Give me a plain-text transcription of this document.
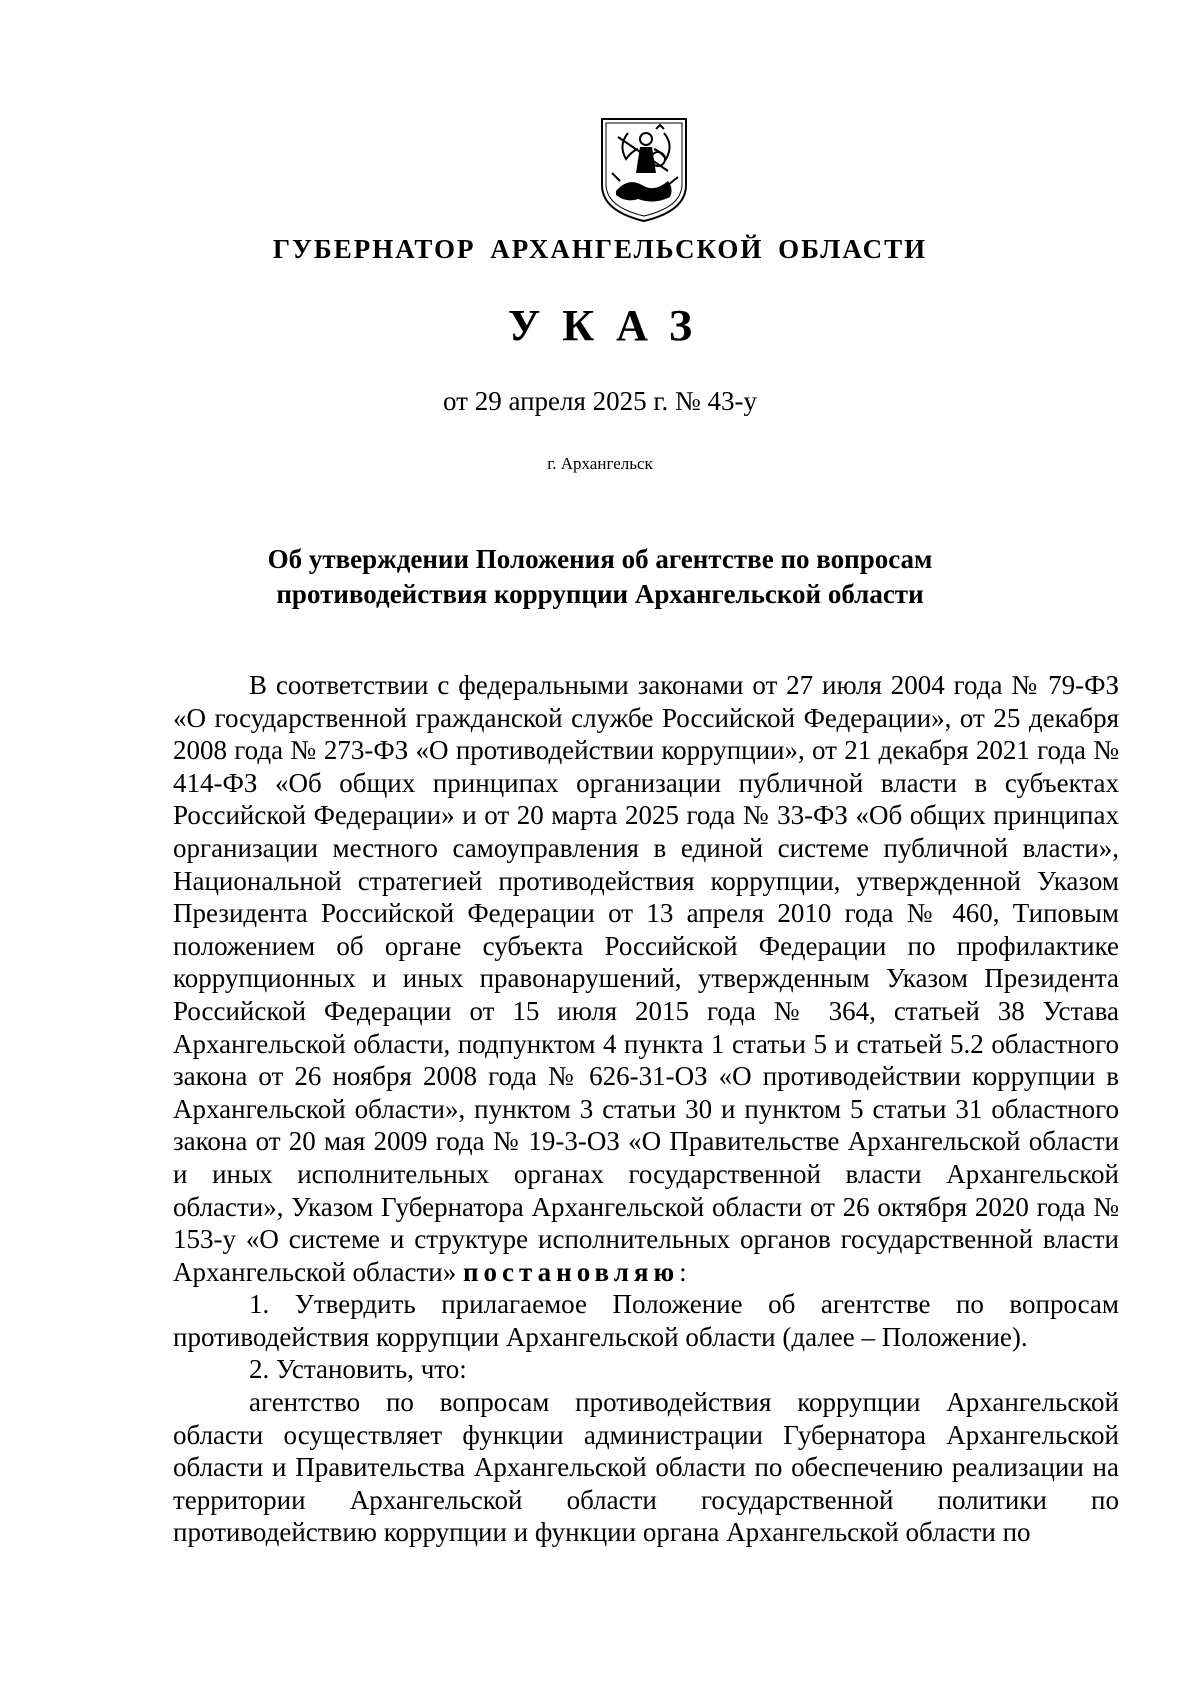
ГУБЕРНАТОР АРХАНГЕЛЬСКОЙ ОБЛАСТИ
УКАЗ
от 29 апреля 2025 г. № 43-у
г. Архангельск
Об утверждении Положения об агентстве по вопросам
противодействия коррупции Архангельской области

В соответствии с федеральными законами от 27 июля 2004 года № 79-ФЗ «О государственной гражданской службе Российской Федерации», от 25 декабря 2008 года № 273-ФЗ «О противодействии коррупции», от 21 декабря 2021 года № 414-ФЗ «Об общих принципах организации публичной власти в субъектах Российской Федерации» и от 20 марта 2025 года № 33-ФЗ «Об общих принципах организации местного самоуправления в единой системе публичной власти», Национальной стратегией противодействия коррупции, утвержденной Указом Президента Российской Федерации от 13 апреля 2010 года № 460, Типовым положением об органе субъекта Российской Федерации по профилактике коррупционных и иных правонарушений, утвержденным Указом Президента Российской Федерации от 15 июля 2015 года № 364, статьей 38 Устава Архангельской области, подпунктом 4 пункта 1 статьи 5 и статьей 5.2 областного закона от 26 ноября 2008 года № 626-31-ОЗ «О противодействии коррупции в Архангельской области», пунктом 3 статьи 30 и пунктом 5 статьи 31 областного закона от 20 мая 2009 года № 19-3-ОЗ «О Правительстве Архангельской области и иных исполнительных органах государственной власти Архангельской области», Указом Губернатора Архангельской области от 26 октября 2020 года № 153-у «О системе и структуре исполнительных органов государственной власти Архангельской области» постановляю:

1. Утвердить прилагаемое Положение об агентстве по вопросам противодействия коррупции Архангельской области (далее – Положение).

2. Установить, что:

агентство по вопросам противодействия коррупции Архангельской области осуществляет функции администрации Губернатора Архангельской области и Правительства Архангельской области по обеспечению реализации на территории Архангельской области государственной политики по противодействию коррупции и функции органа Архангельской области по
